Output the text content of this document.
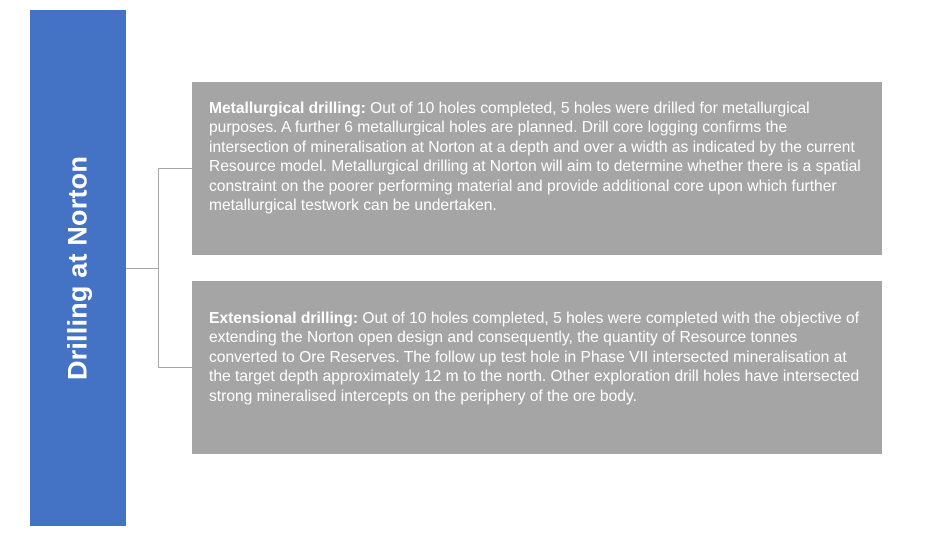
Drilling at Norton

Metallurgical drilling: Out of 10 holes completed, 5 holes were drilled for metallurgical purposes. A further 6 metallurgical holes are planned. Drill core logging confirms the intersection of mineralisation at Norton at a depth and over a width as indicated by the current Resource model. Metallurgical drilling at Norton will aim to determine whether there is a spatial constraint on the poorer performing material and provide additional core upon which further metallurgical testwork can be undertaken.

Extensional drilling: Out of 10 holes completed, 5 holes were completed with the objective of extending the Norton open design and consequently, the quantity of Resource tonnes converted to Ore Reserves. The follow up test hole in Phase VII intersected mineralisation at the target depth approximately 12 m to the north. Other exploration drill holes have intersected strong mineralised intercepts on the periphery of the ore body.
